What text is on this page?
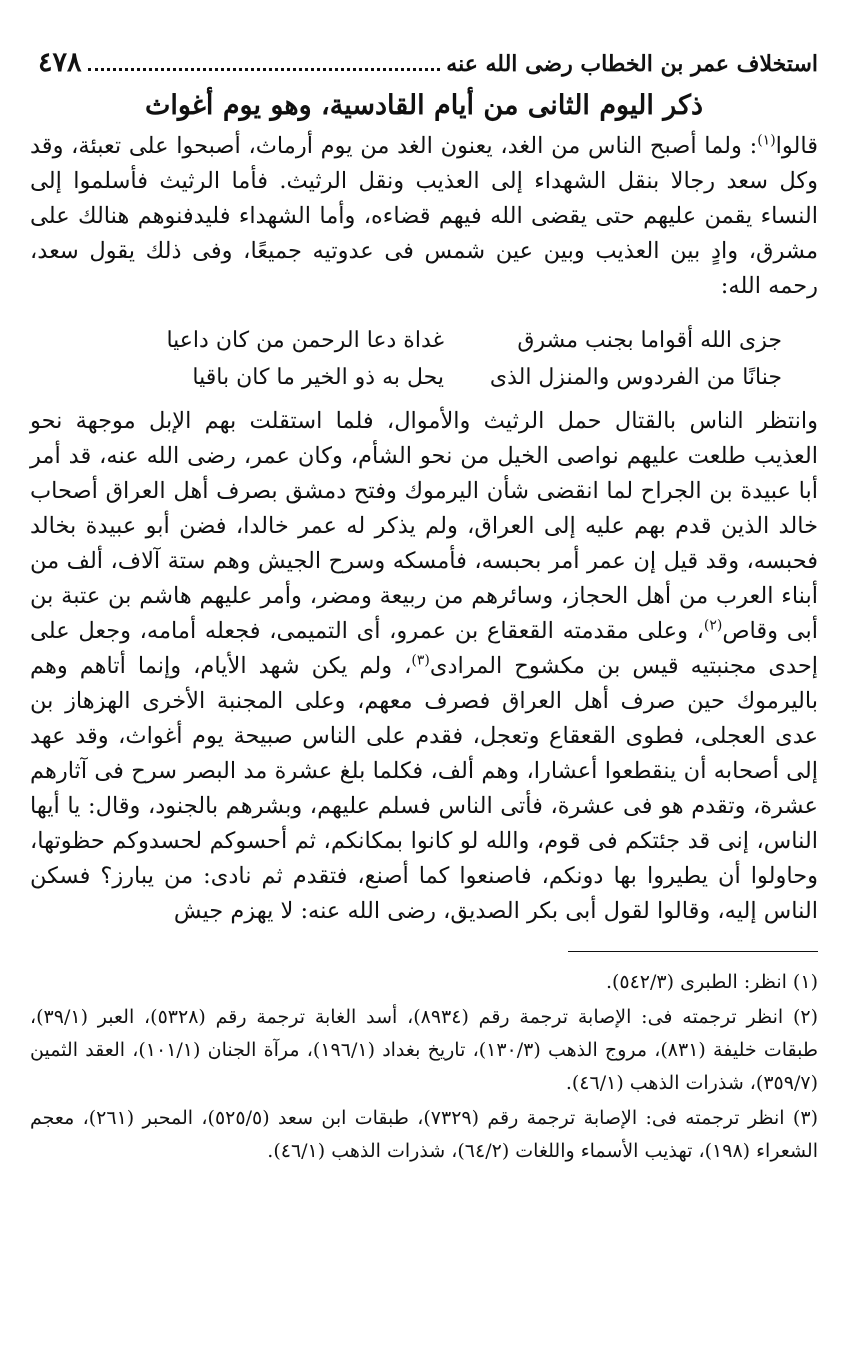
استخلاف عمر بن الخطاب رضى الله عنه
٤٧٨
ذكر اليوم الثانى من أيام القادسية، وهو يوم أغواث

قالوا$^{(١)}$: ولما أصبح الناس من الغد، يعنون الغد من يوم أرماث، أصبحوا على تعبئة، وقد وكل سعد رجالا بنقل الشهداء إلى العذيب ونقل الرثيث. فأما الرثيث فأسلموا إلى النساء يقمن عليهم حتى يقضى الله فيهم قضاءه، وأما الشهداء فليدفنوهم هنالك على مشرق، وادٍ بين العذيب وبين عين شمس فى عدوتيه جميعًا، وفى ذلك يقول سعد، رحمه الله:

جزى الله أقواما بجنب مشرق
غداة دعا الرحمن من كان داعيا
جنانًا من الفردوس والمنزل الذى
يحل به ذو الخير ما كان باقيا

وانتظر الناس بالقتال حمل الرثيث والأموال، فلما استقلت بهم الإبل موجهة نحو العذيب طلعت عليهم نواصى الخيل من نحو الشأم، وكان عمر، رضى الله عنه، قد أمر أبا عبيدة بن الجراح لما انقضى شأن اليرموك وفتح دمشق بصرف أهل العراق أصحاب خالد الذين قدم بهم عليه إلى العراق، ولم يذكر له عمر خالدا، فضن أبو عبيدة بخالد فحبسه، وقد قيل إن عمر أمر بحبسه، فأمسكه وسرح الجيش وهم ستة آلاف، ألف من أبناء العرب من أهل الحجاز، وسائرهم من ربيعة ومضر، وأمر عليهم هاشم بن عتبة بن أبى وقاص$^{(٢)}$، وعلى مقدمته القعقاع بن عمرو، أى التميمى، فجعله أمامه، وجعل على إحدى مجنبتيه قيس بن مكشوح المرادى$^{(٣)}$، ولم يكن شهد الأيام، وإنما أتاهم وهم باليرموك حين صرف أهل العراق فصرف معهم، وعلى المجنبة الأخرى الهزهاز بن عدى العجلى، فطوى القعقاع وتعجل، فقدم على الناس صبيحة يوم أغواث، وقد عهد إلى أصحابه أن ينقطعوا أعشارا، وهم ألف، فكلما بلغ عشرة مد البصر سرح فى آثارهم عشرة، وتقدم هو فى عشرة، فأتى الناس فسلم عليهم، وبشرهم بالجنود، وقال: يا أيها الناس، إنى قد جئتكم فى قوم، والله لو كانوا بمكانكم، ثم أحسوكم لحسدوكم حظوتها، وحاولوا أن يطيروا بها دونكم، فاصنعوا كما أصنع، فتقدم ثم نادى: من يبارز؟ فسكن الناس إليه، وقالوا لقول أبى بكر الصديق، رضى الله عنه: لا يهزم جيش

(١) انظر: الطبرى (٥٤٢/٣).

(٢) انظر ترجمته فى: الإصابة ترجمة رقم (٨٩٣٤)، أسد الغابة ترجمة رقم (٥٣٢٨)، العبر (٣٩/١)، طبقات خليفة (٨٣١)، مروج الذهب (١٣٠/٣)، تاريخ بغداد (١٩٦/١)، مرآة الجنان (١٠١/١)، العقد الثمين (٣٥٩/٧)، شذرات الذهب (٤٦/١).

(٣) انظر ترجمته فى: الإصابة ترجمة رقم (٧٣٢٩)، طبقات ابن سعد (٥٢٥/٥)، المحبر (٢٦١)، معجم الشعراء (١٩٨)، تهذيب الأسماء واللغات (٦٤/٢)، شذرات الذهب (٤٦/١).
